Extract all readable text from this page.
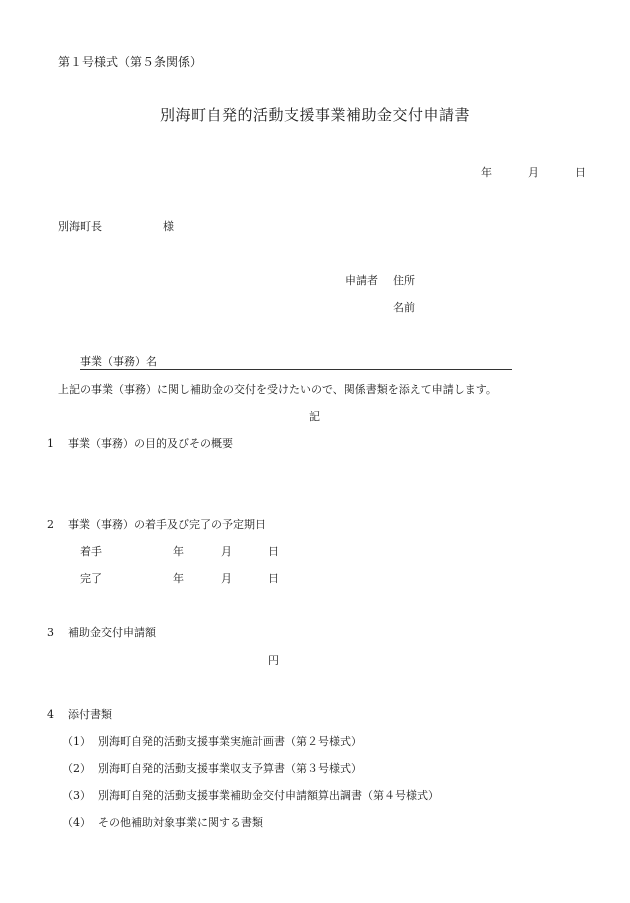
第１号様式（第５条関係）
別海町自発的活動支援事業補助金交付申請書
年	月	日
別海町長	様
申請者 住所
名前
事業（事務）名
上記の事業（事務）に関し補助金の交付を受けたいので、関係書類を添えて申請します。
記
1 事業（事務）の目的及びその概要
2 事業（事務）の着手及び完了の予定期日
着手	年	月	日
完了	年	月	日
3 補助金交付申請額
円
4 添付書類
（1） 別海町自発的活動支援事業実施計画書（第２号様式）
（2） 別海町自発的活動支援事業収支予算書（第３号様式）
（3） 別海町自発的活動支援事業補助金交付申請額算出調書（第４号様式）
（4） その他補助対象事業に関する書類
